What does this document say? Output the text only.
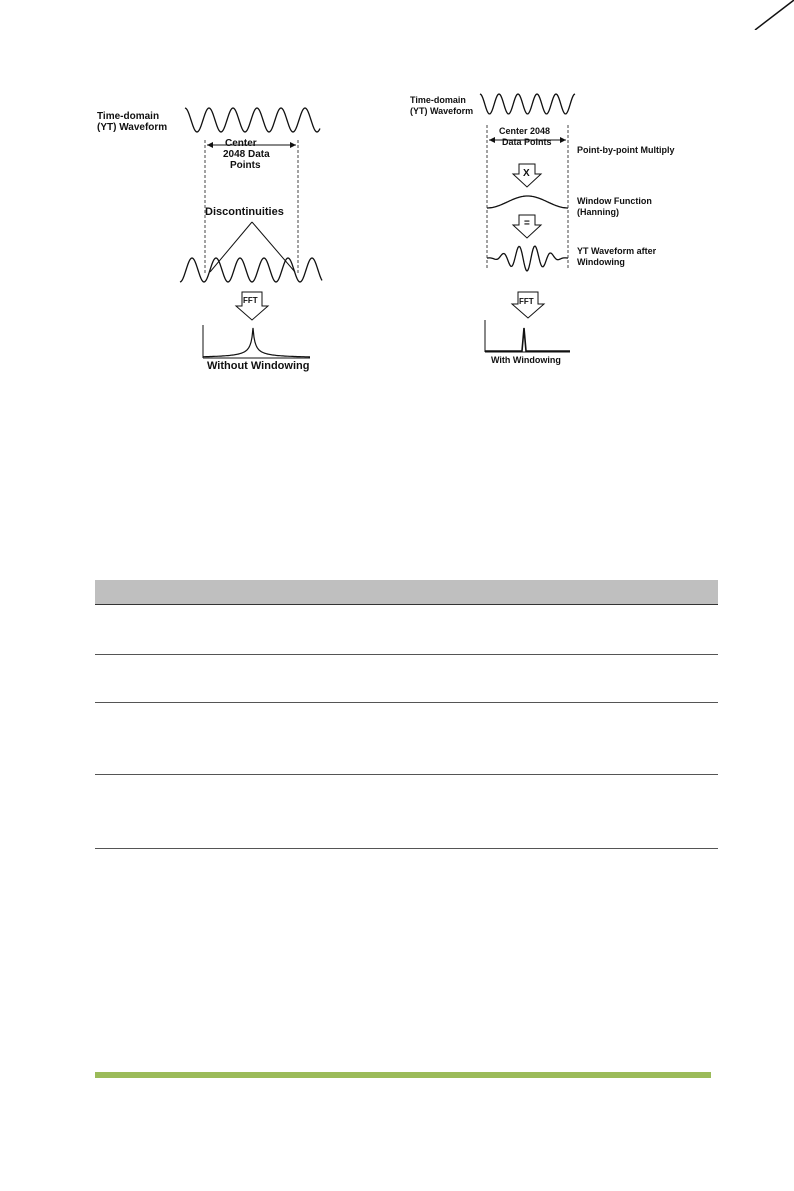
Time-domain
(YT) Waveform
Center
2048 Data
Points
Discontinuities
FFT
Without Windowing
Time-domain
(YT) Waveform
Center 2048
Data Points
Point-by-point Multiply
X
Window Function
(Hanning)
=
YT Waveform after
Windowing
FFT
With Windowing
